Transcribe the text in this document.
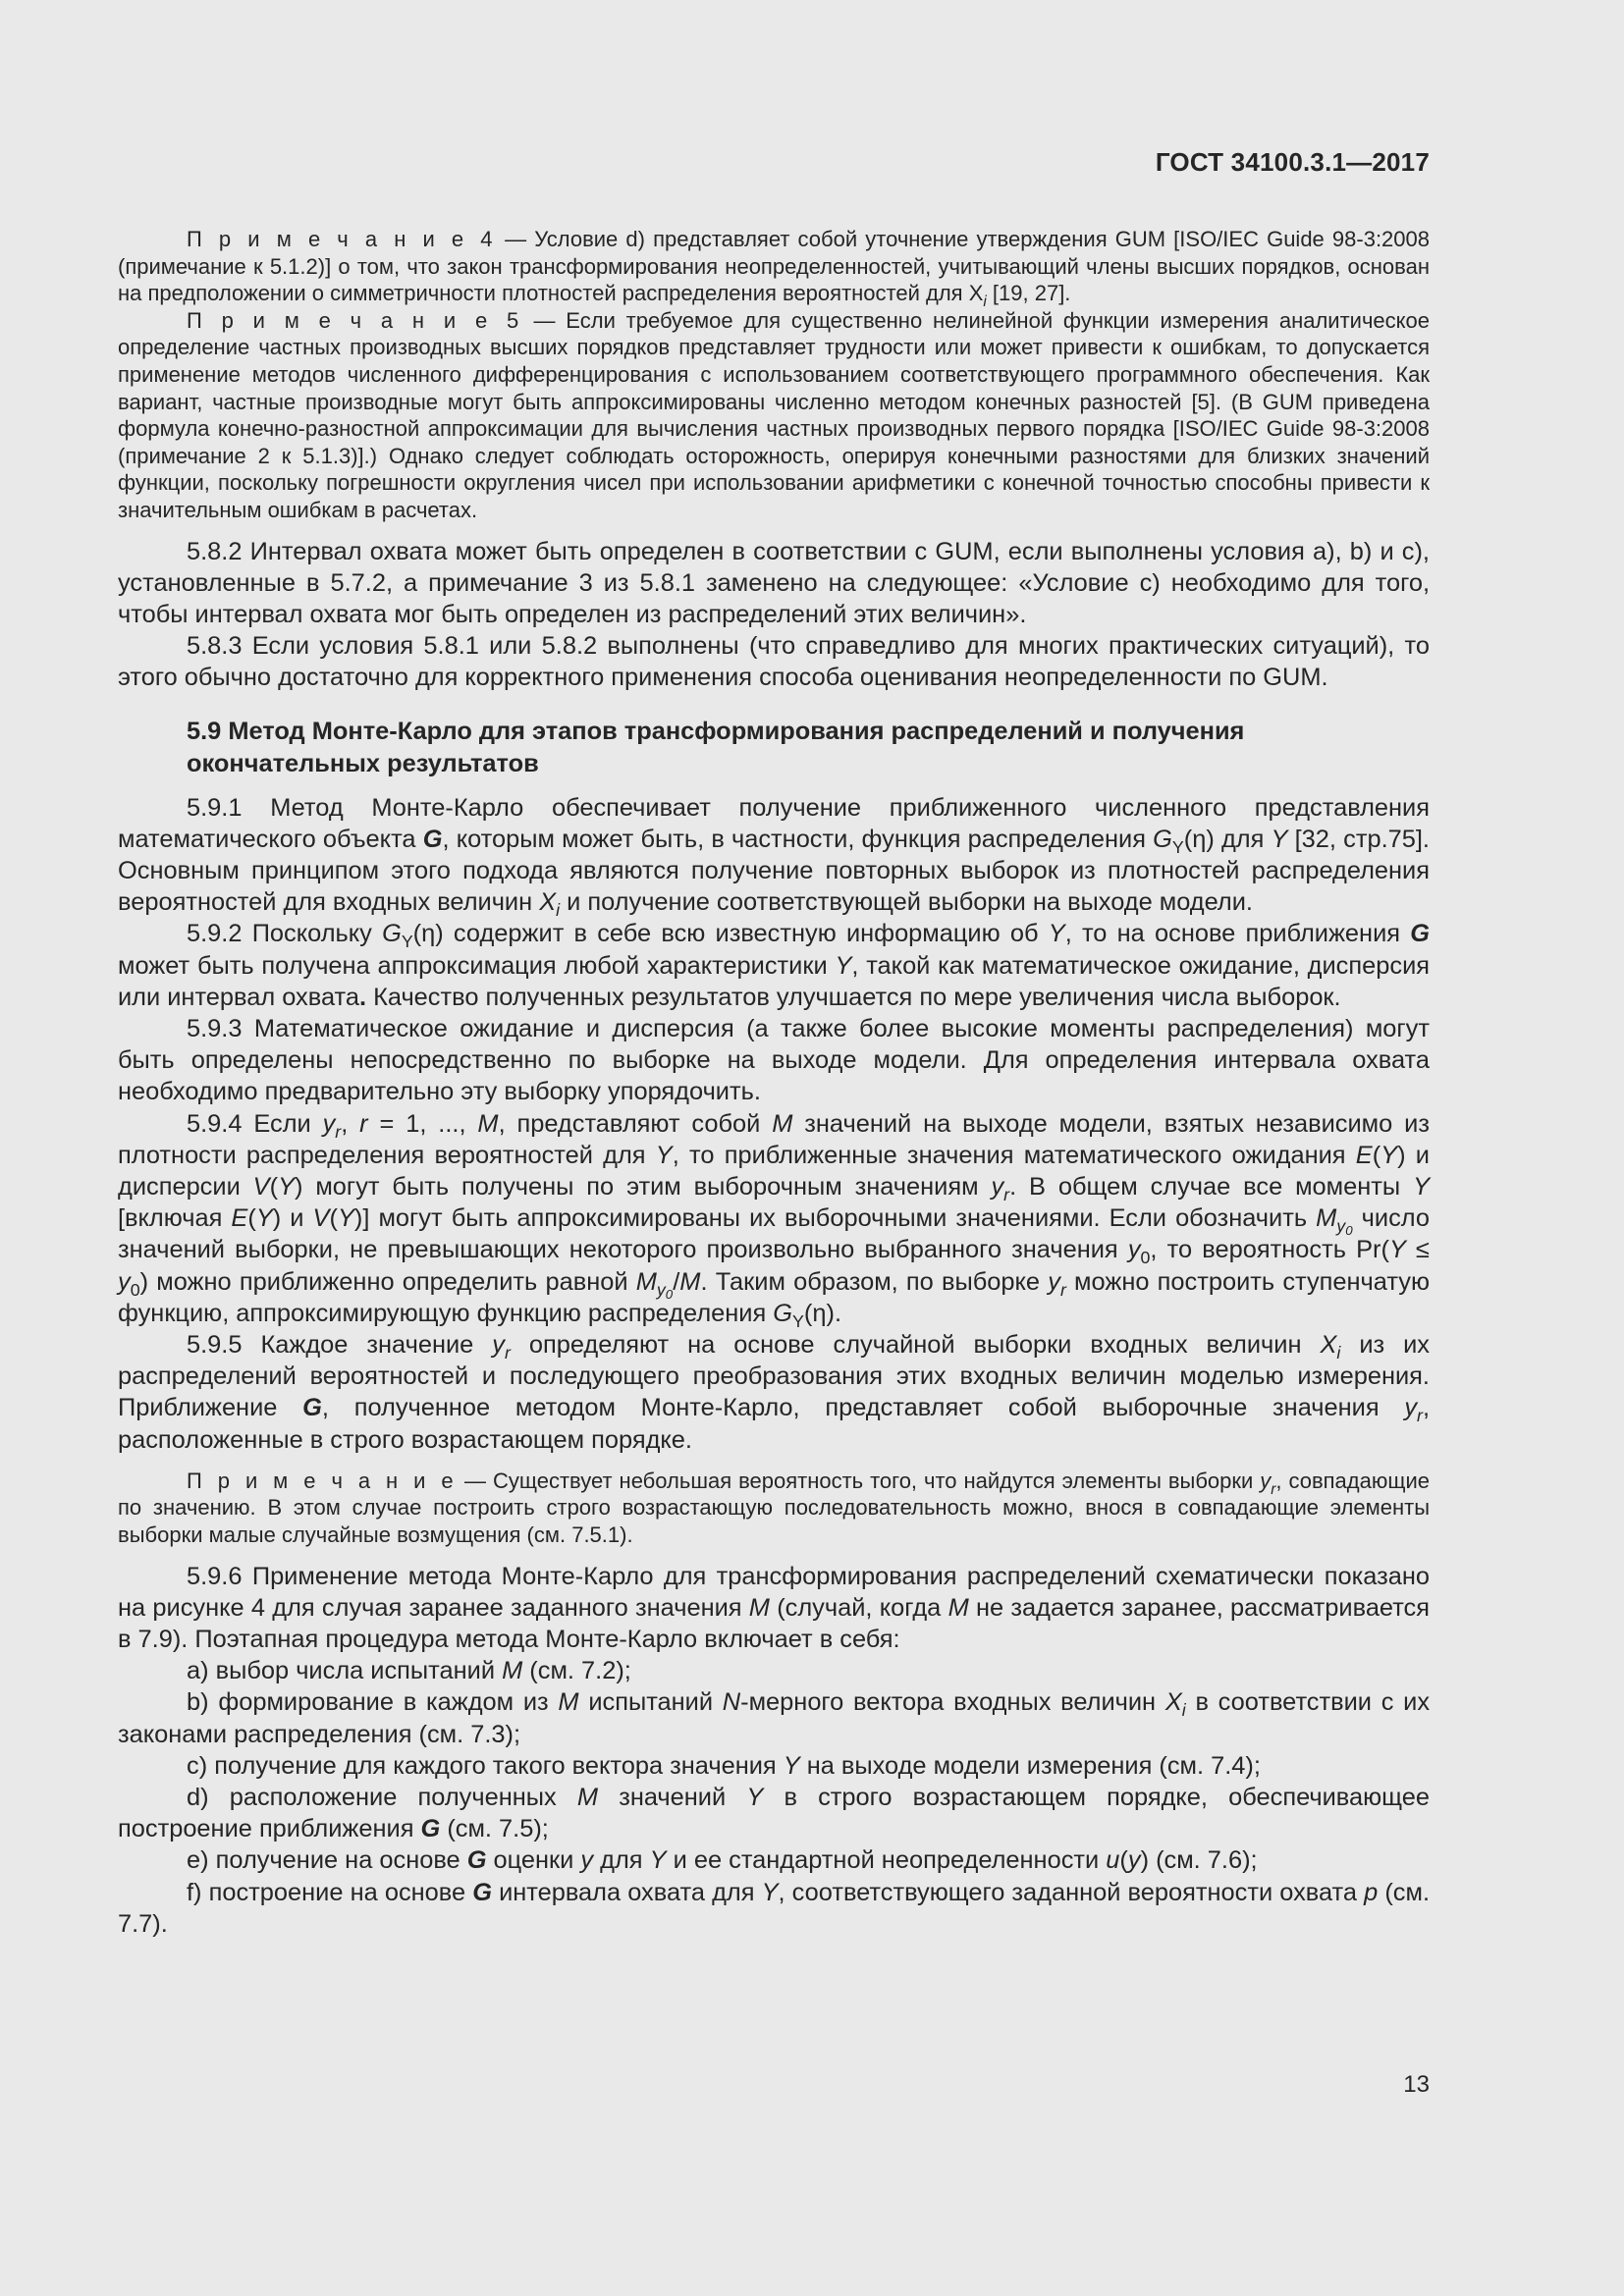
ГОСТ 34100.3.1—2017

П р и м е ч а н и е 4 — Условие d) представляет собой уточнение утверждения GUM [ISO/IEC Guide 98-3:2008 (примечание к 5.1.2)] о том, что закон трансформирования неопределенностей, учитывающий члены высших порядков, основан на предположении о симметричности плотностей распределения вероятностей для $X_i$ [19, 27].

П р и м е ч а н и е 5 — Если требуемое для существенно нелинейной функции измерения аналитическое определение частных производных высших порядков представляет трудности или может привести к ошибкам, то допускается применение методов численного дифференцирования с использованием соответствующего программного обеспечения. Как вариант, частные производные могут быть аппроксимированы численно методом конечных разностей [5]. (В GUM приведена формула конечно-разностной аппроксимации для вычисления частных производных первого порядка [ISO/IEC Guide 98-3:2008 (примечание 2 к 5.1.3)].) Однако следует соблюдать осторожность, оперируя конечными разностями для близких значений функции, поскольку погрешности округления чисел при использовании арифметики с конечной точностью способны привести к значительным ошибкам в расчетах.

5.8.2 Интервал охвата может быть определен в соответствии с GUM, если выполнены условия a), b) и c), установленные в 5.7.2, а примечание 3 из 5.8.1 заменено на следующее: «Условие c) необходимо для того, чтобы интервал охвата мог быть определен из распределений этих величин».

5.8.3 Если условия 5.8.1 или 5.8.2 выполнены (что справедливо для многих практических ситуаций), то этого обычно достаточно для корректного применения способа оценивания неопределенности по GUM.

5.9 Метод Монте-Карло для этапов трансформирования распределений и получения окончательных результатов

5.9.1 Метод Монте-Карло обеспечивает получение приближенного численного представления математического объекта G, которым может быть, в частности, функция распределения $G_Y(\eta)$ для Y [32, стр.75]. Основным принципом этого подхода являются получение повторных выборок из плотностей распределения вероятностей для входных величин $X_i$ и получение соответствующей выборки на выходе модели.

5.9.2 Поскольку $G_Y(\eta)$ содержит в себе всю известную информацию об Y, то на основе приближения G может быть получена аппроксимация любой характеристики Y, такой как математическое ожидание, дисперсия или интервал охвата. Качество полученных результатов улучшается по мере увеличения числа выборок.

5.9.3 Математическое ожидание и дисперсия (а также более высокие моменты распределения) могут быть определены непосредственно по выборке на выходе модели. Для определения интервала охвата необходимо предварительно эту выборку упорядочить.

5.9.4 Если $y_r$, r = 1, ..., M, представляют собой M значений на выходе модели, взятых независимо из плотности распределения вероятностей для Y, то приближенные значения математического ожидания E(Y) и дисперсии V(Y) могут быть получены по этим выборочным значениям $y_r$. В общем случае все моменты Y [включая E(Y) и V(Y)] могут быть аппроксимированы их выборочными значениями. Если обозначить $M_{y_0}$ число значений выборки, не превышающих некоторого произвольно выбранного значения $y_0$, то вероятность $Pr(Y \le y_0)$ можно приближенно определить равной $M_{y_0}/M$. Таким образом, по выборке $y_r$ можно построить ступенчатую функцию, аппроксимирующую функцию распределения $G_Y(\eta)$.

5.9.5 Каждое значение $y_r$ определяют на основе случайной выборки входных величин $X_i$ из их распределений вероятностей и последующего преобразования этих входных величин моделью измерения. Приближение G, полученное методом Монте-Карло, представляет собой выборочные значения $y_r$, расположенные в строго возрастающем порядке.

П р и м е ч а н и е — Существует небольшая вероятность того, что найдутся элементы выборки $y_r$, совпадающие по значению. В этом случае построить строго возрастающую последовательность можно, внося в совпадающие элементы выборки малые случайные возмущения (см. 7.5.1).

5.9.6 Применение метода Монте-Карло для трансформирования распределений схематически показано на рисунке 4 для случая заранее заданного значения M (случай, когда M не задается заранее, рассматривается в 7.9). Поэтапная процедура метода Монте-Карло включает в себя:

a) выбор числа испытаний M (см. 7.2);

b) формирование в каждом из M испытаний N-мерного вектора входных величин $X_i$ в соответствии с их законами распределения (см. 7.3);

c) получение для каждого такого вектора значения Y на выходе модели измерения (см. 7.4);

d) расположение полученных M значений Y в строго возрастающем порядке, обеспечивающее построение приближения G (см. 7.5);

e) получение на основе G оценки y для Y и ее стандартной неопределенности u(y) (см. 7.6);

f) построение на основе G интервала охвата для Y, соответствующего заданной вероятности охвата p (см. 7.7).

13
